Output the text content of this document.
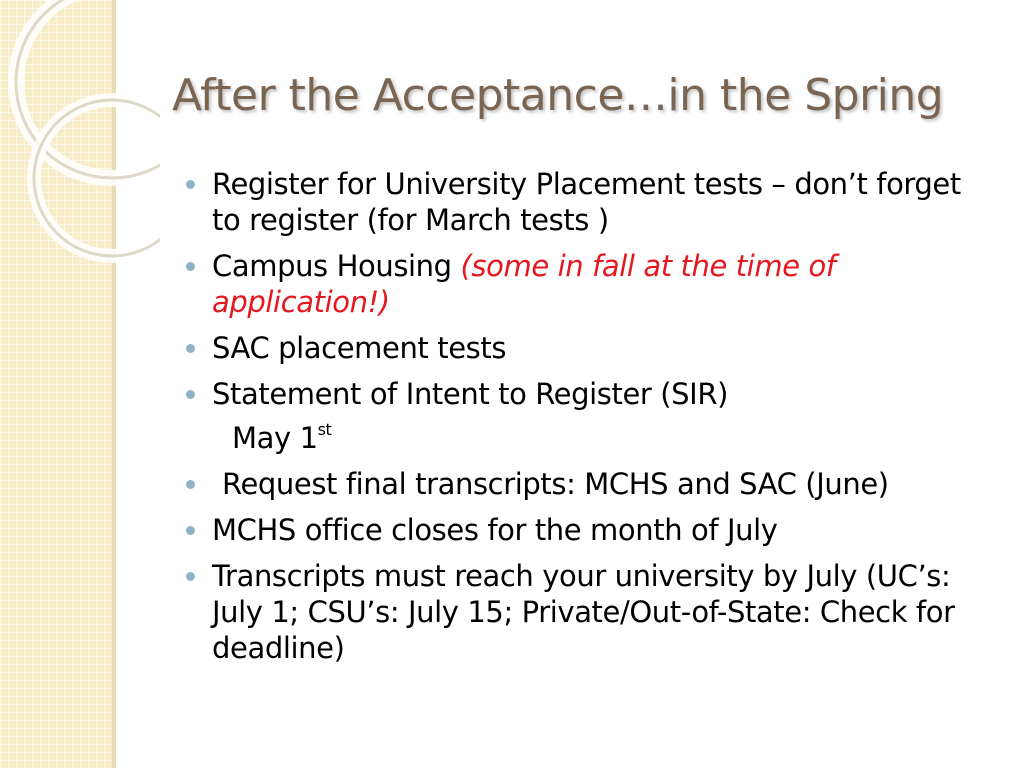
After the Acceptance…in the Spring
Register for University Placement tests – don’t forget to register (for March tests )
Campus Housing (some in fall at the time of application!)
SAC placement tests
Statement of Intent to Register (SIR)
May 1st
Request final transcripts: MCHS and SAC (June)
MCHS office closes for the month of July
Transcripts must reach your university by July (UC’s: July 1; CSU’s: July 15; Private/Out-of-State: Check for deadline)
